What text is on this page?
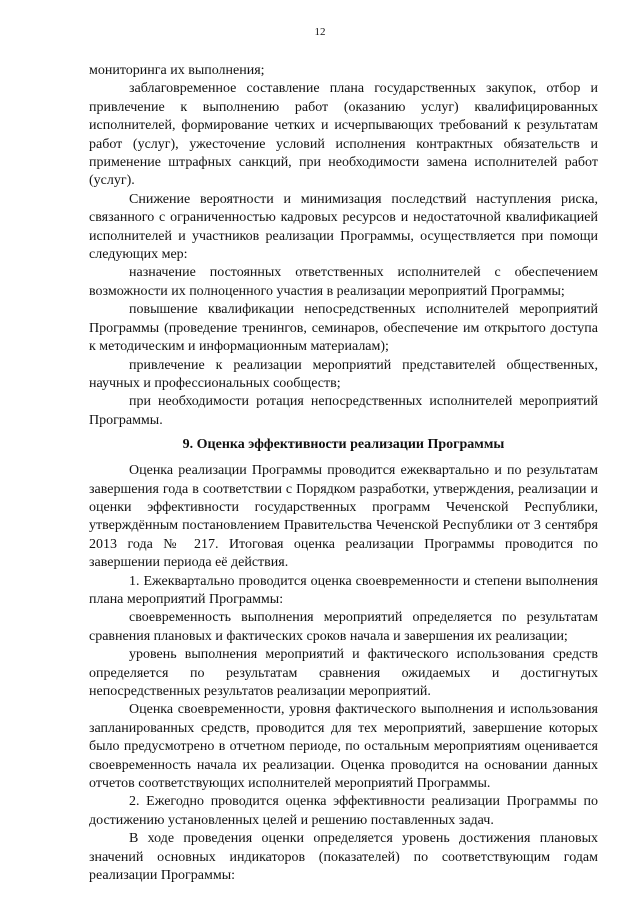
12

мониторинга их выполнения;

заблаговременное составление плана государственных закупок, отбор и привлечение к выполнению работ (оказанию услуг) квалифицированных исполнителей, формирование четких и исчерпывающих требований к результатам работ (услуг), ужесточение условий исполнения контрактных обязательств и применение штрафных санкций, при необходимости замена исполнителей работ (услуг).

Снижение вероятности и минимизация последствий наступления риска, связанного с ограниченностью кадровых ресурсов и недостаточной квалификацией исполнителей и участников реализации Программы, осуществляется при помощи следующих мер:

назначение постоянных ответственных исполнителей с обеспечением возможности их полноценного участия в реализации мероприятий Программы;

повышение квалификации непосредственных исполнителей мероприятий Программы (проведение тренингов, семинаров, обеспечение им открытого доступа к методическим и информационным материалам);

привлечение к реализации мероприятий представителей общественных, научных и профессиональных сообществ;

при необходимости ротация непосредственных исполнителей мероприятий Программы.

9. Оценка эффективности реализации Программы

Оценка реализации Программы проводится ежеквартально и по результатам завершения года в соответствии с Порядком разработки, утверждения, реализации и оценки эффективности государственных программ Чеченской Республики, утверждённым постановлением Правительства Чеченской Республики от 3 сентября 2013 года № 217. Итоговая оценка реализации Программы проводится по завершении периода её действия.

1. Ежеквартально проводится оценка своевременности и степени выполнения плана мероприятий Программы:

своевременность выполнения мероприятий определяется по результатам сравнения плановых и фактических сроков начала и завершения их реализации;

уровень выполнения мероприятий и фактического использования средств определяется по результатам сравнения ожидаемых и достигнутых непосредственных результатов реализации мероприятий.

Оценка своевременности, уровня фактического выполнения и использования запланированных средств, проводится для тех мероприятий, завершение которых было предусмотрено в отчетном периоде, по остальным мероприятиям оценивается своевременность начала их реализации. Оценка проводится на основании данных отчетов соответствующих исполнителей мероприятий Программы.

2. Ежегодно проводится оценка эффективности реализации Программы по достижению установленных целей и решению поставленных задач.

В ходе проведения оценки определяется уровень достижения плановых значений основных индикаторов (показателей) по соответствующим годам реализации Программы:
